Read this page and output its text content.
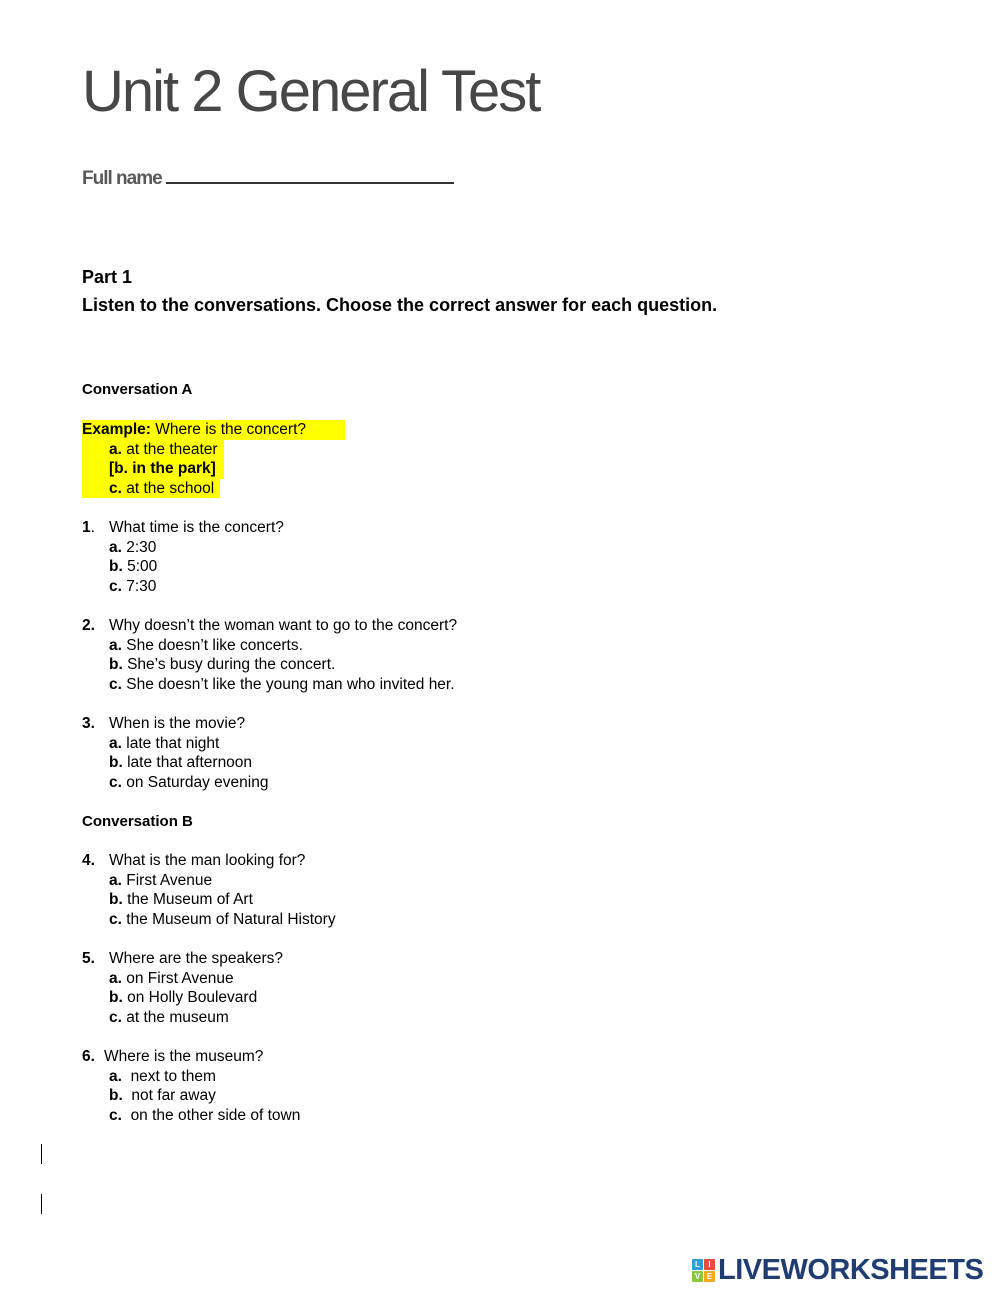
Unit 2 General Test
Full name
Part 1
Listen to the conversations. Choose the correct answer for each question.
Conversation A
Example: Where is the concert?
a. at the theater
[b. in the park]
c. at the school
1. What time is the concert?
a. 2:30
b. 5:00
c. 7:30
2. Why doesn’t the woman want to go to the concert?
a. She doesn’t like concerts.
b. She’s busy during the concert.
c. She doesn’t like the young man who invited her.
3. When is the movie?
a. late that night
b. late that afternoon
c. on Saturday evening
Conversation B
4. What is the man looking for?
a. First Avenue
b. the Museum of Art
c. the Museum of Natural History
5. Where are the speakers?
a. on First Avenue
b. on Holly Boulevard
c. at the museum
6. Where is the museum?
a. next to them
b. not far away
c. on the other side of town
L	I
V E LIVEWORKSHEETS
